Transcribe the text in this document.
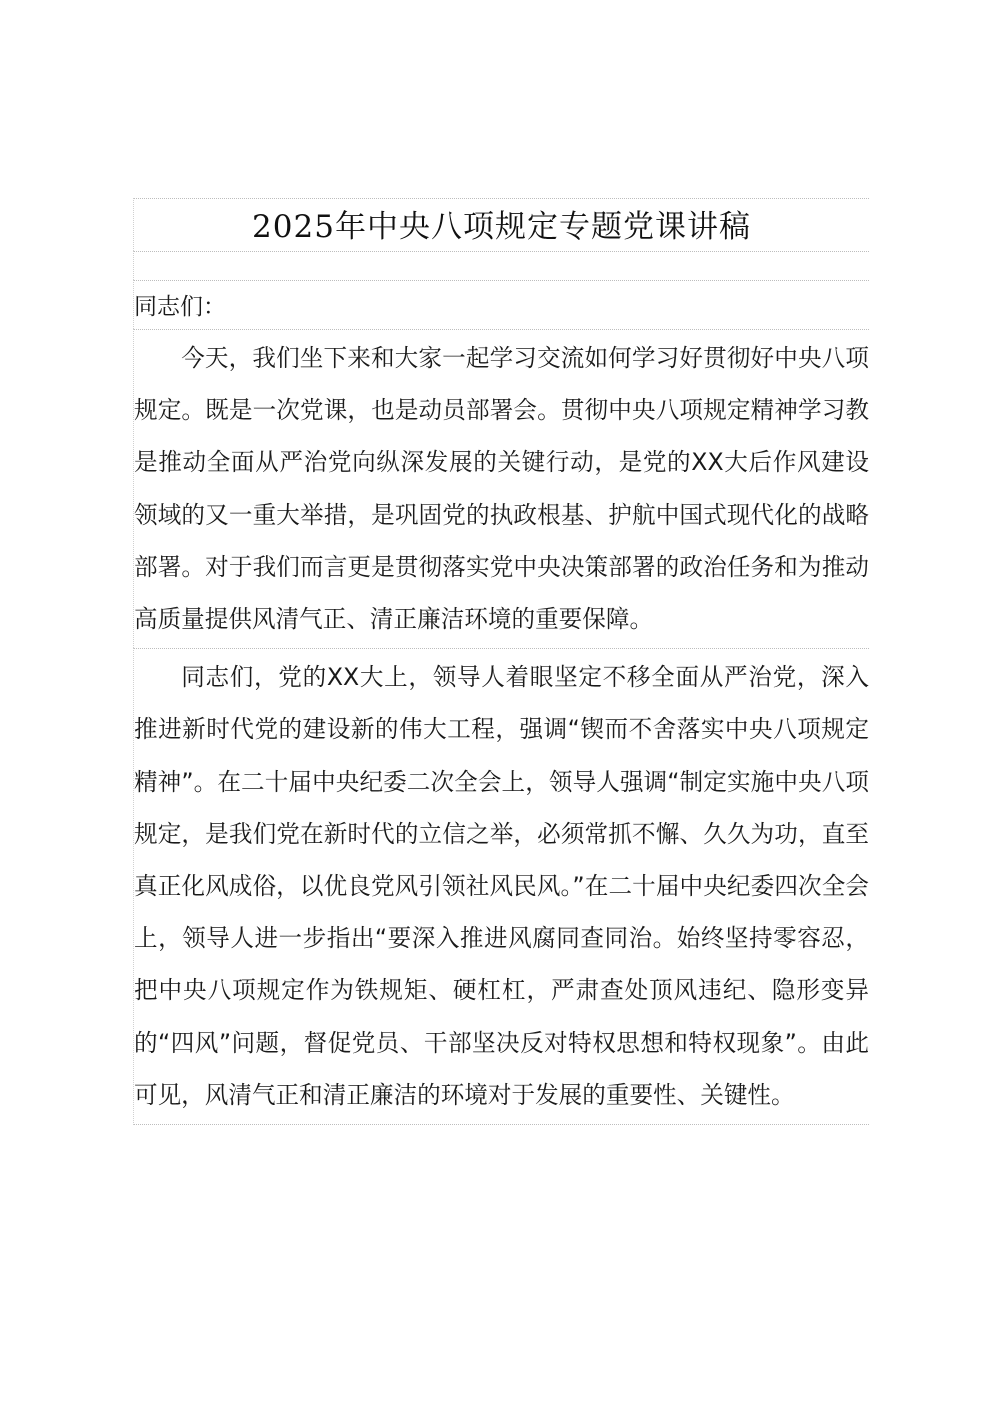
2025年中央八项规定专题党课讲稿
同志们：

今天，我们坐下来和大家一起学习交流如何学习好贯彻好中央八项规定。既是一次党课，也是动员部署会。贯彻中央八项规定精神学习教是推动全面从严治党向纵深发展的关键行动，是党的XX大后作风建设领域的又一重大举措，是巩固党的执政根基、护航中国式现代化的战略部署。对于我们而言更是贯彻落实党中央决策部署的政治任务和为推动高质量提供风清气正、清正廉洁环境的重要保障。

同志们，党的XX大上，领导人着眼坚定不移全面从严治党，深入推进新时代党的建设新的伟大工程，强调“锲而不舍落实中央八项规定精神”。在二十届中央纪委二次全会上，领导人强调“制定实施中央八项规定，是我们党在新时代的立信之举，必须常抓不懈、久久为功，直至真正化风成俗，以优良党风引领社风民风。”在二十届中央纪委四次全会上，领导人进一步指出“要深入推进风腐同查同治。始终坚持零容忍，把中央八项规定作为铁规矩、硬杠杠，严肃查处顶风违纪、隐形变异的“四风”问题，督促党员、干部坚决反对特权思想和特权现象”。由此可见，风清气正和清正廉洁的环境对于发展的重要性、关键性。
